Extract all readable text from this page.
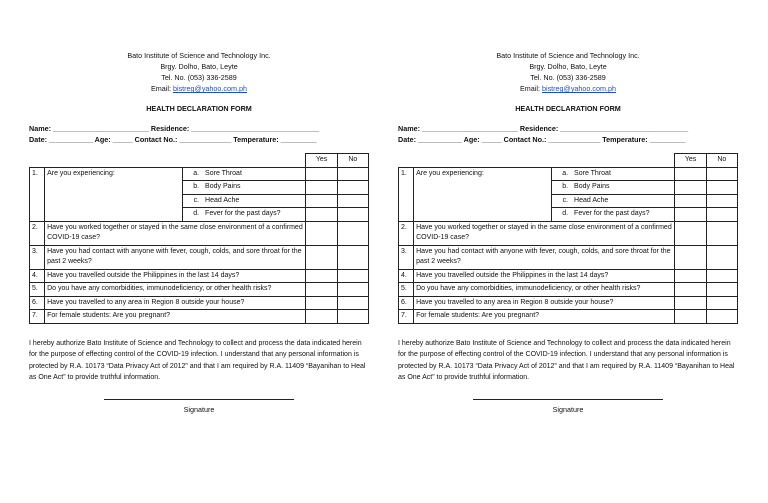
Bato Institute of Science and Technology Inc.
Brgy. Dolho, Bato, Leyte
Tel. No. (053) 336-2589
Email: bistreg@yahoo.com.ph
HEALTH DECLARATION FORM
Name: ________________________ Residence: ________________________________
Date: ___________ Age: _____ Contact No.: _____________ Temperature: _________
			Yes	No
1.	Are you experiencing:	a. Sore Throat		

		b. Body Pains		

		c. Head Ache		

		d. Fever for the past days?		

2.	Have you worked together or stayed in the same close environment of a confirmed COVID-19 case?			
3.	Have you had contact with anyone with fever, cough, colds, and sore throat for the past 2 weeks?			
4.	Have you travelled outside the Philippines in the last 14 days?			
5.	Do you have any comorbidities, immunodeficiency, or other health risks?			
6.	Have you travelled to any area in Region 8 outside your house?			
7.	For female students: Are you pregnant?			
I hereby authorize Bato Institute of Science and Technology to collect and process the data indicated herein for the purpose of effecting control of the COVID-19 infection. I understand that any personal information is protected by R.A. 10173 “Data Privacy Act of 2012” and that I am required by R.A. 11409 “Bayanihan to Heal as One Act” to provide truthful information.
Signature
Bato Institute of Science and Technology Inc.
Brgy. Dolho, Bato, Leyte
Tel. No. (053) 336-2589
Email: bistreg@yahoo.com.ph
HEALTH DECLARATION FORM
Name: ________________________ Residence: ________________________________
Date: ___________ Age: _____ Contact No.: _____________ Temperature: _________
			Yes	No
1.	Are you experiencing:	a. Sore Throat		

		b. Body Pains		

		c. Head Ache		

		d. Fever for the past days?		

2.	Have you worked together or stayed in the same close environment of a confirmed COVID-19 case?			
3.	Have you had contact with anyone with fever, cough, colds, and sore throat for the past 2 weeks?			
4.	Have you travelled outside the Philippines in the last 14 days?			
5.	Do you have any comorbidities, immunodeficiency, or other health risks?			
6.	Have you travelled to any area in Region 8 outside your house?			
7.	For female students: Are you pregnant?			
I hereby authorize Bato Institute of Science and Technology to collect and process the data indicated herein for the purpose of effecting control of the COVID-19 infection. I understand that any personal information is protected by R.A. 10173 “Data Privacy Act of 2012” and that I am required by R.A. 11409 “Bayanihan to Heal as One Act” to provide truthful information.
Signature
